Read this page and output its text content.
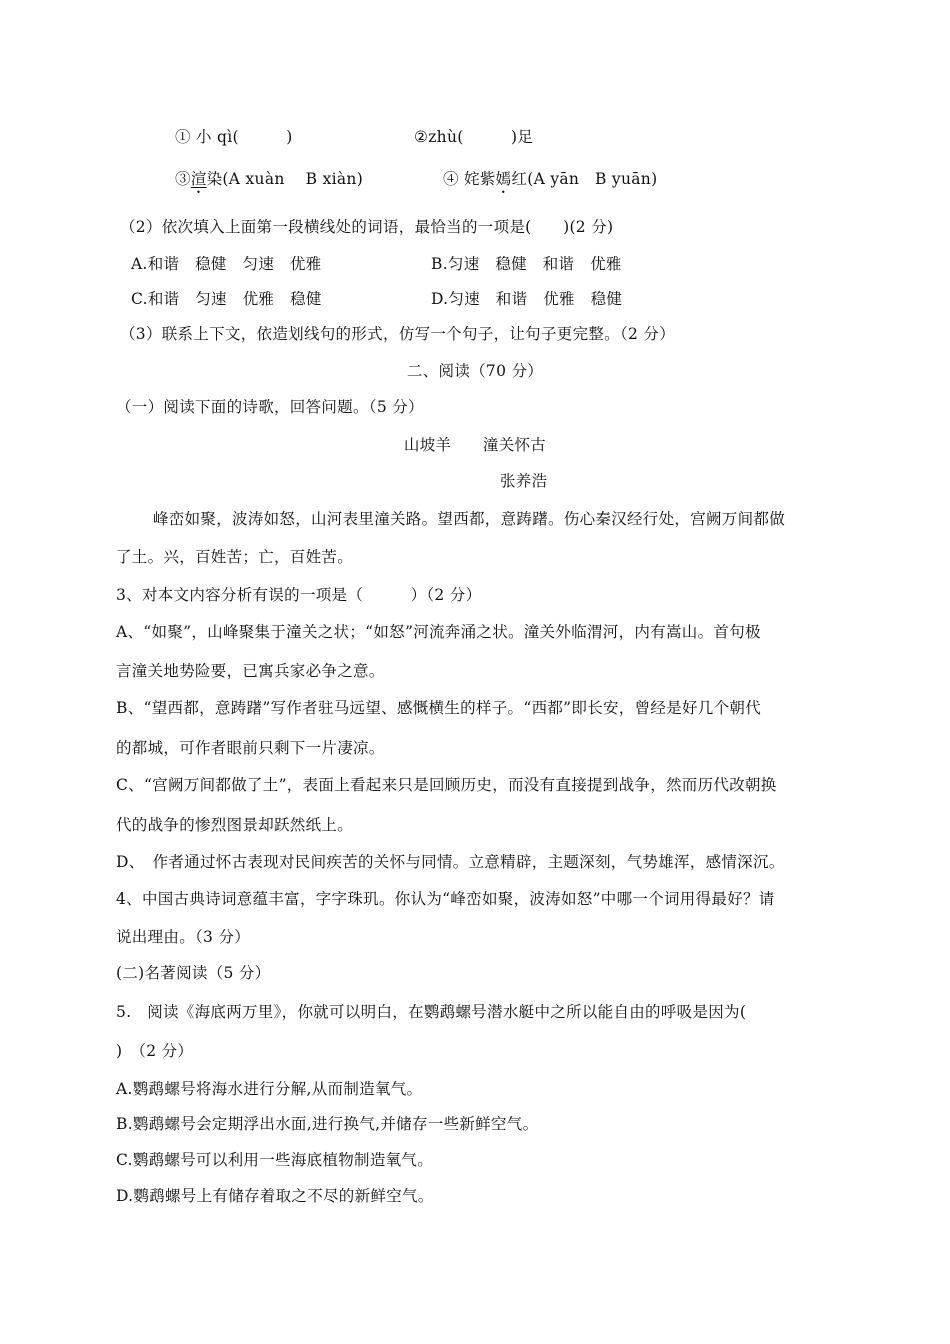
① 小 qì(　　　)	②zhù(　　　)足
③渲染(A xuàn　 B xiàn)	④ 姹紫嫣红(A yān　B yuān)
（2）依次填入上面第一段横线处的词语，最恰当的一项是(　　)(2 分)
A.和谐　稳健　匀速　优雅	B.匀速　稳健　和谐　优雅
C.和谐　匀速　优雅　稳健	D.匀速　和谐　优雅　稳健
（3）联系上下文，依造划线句的形式，仿写一个句子，让句子更完整。（2 分）
二、阅读（70 分）
（一）阅读下面的诗歌，回答问题。（5 分）
山坡羊　　潼关怀古
张养浩
峰峦如聚，波涛如怒，山河表里潼关路。望西都，意踌躇。伤心秦汉经行处，宫阙万间都做
了土。兴，百姓苦；亡，百姓苦。
3、对本文内容分析有误的一项是（　　　）（2 分）
A、“如聚”，山峰聚集于潼关之状；“如怒”河流奔涌之状。潼关外临渭河，内有嵩山。首句极
言潼关地势险要，已寓兵家必争之意。
B、“望西都，意踌躇”写作者驻马远望、感慨横生的样子。“西都”即长安，曾经是好几个朝代
的都城，可作者眼前只剩下一片凄凉。
C、“宫阙万间都做了土”，表面上看起来只是回顾历史，而没有直接提到战争，然而历代改朝换
代的战争的惨烈图景却跃然纸上。
D、　作者通过怀古表现对民间疾苦的关怀与同情。立意精辟，主题深刻，气势雄浑，感情深沉。
4、中国古典诗词意蕴丰富，字字珠玑。你认为“峰峦如聚，波涛如怒”中哪一个词用得最好？请
说出理由。（3 分）
(二)名著阅读（5 分）
5.　阅读《海底两万里》，你就可以明白，在鹦鹉螺号潜水艇中之所以能自由的呼吸是因为(
)　（2 分）
A.鹦鹉螺号将海水进行分解,从而制造氧气。
B.鹦鹉螺号会定期浮出水面,进行换气,并储存一些新鲜空气。
C.鹦鹉螺号可以利用一些海底植物制造氧气。
D.鹦鹉螺号上有储存着取之不尽的新鲜空气。
